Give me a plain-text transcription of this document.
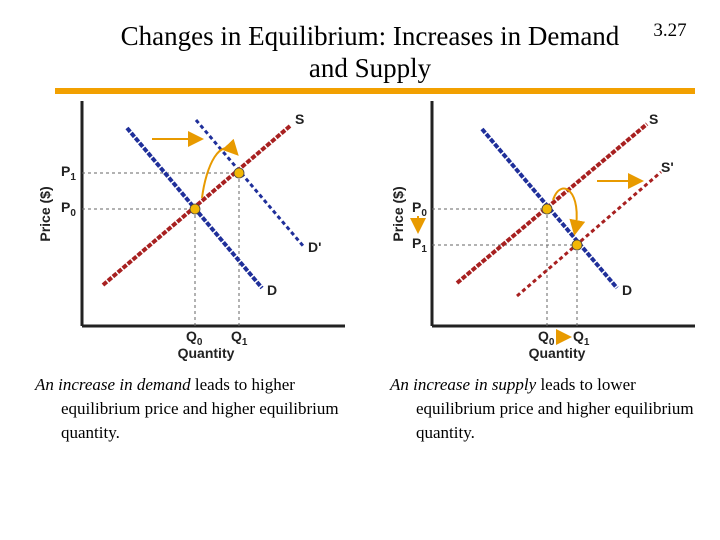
Changes in Equilibrium: Increases in Demand and Supply
3.27
S
D'
D
$P_1$
$P_0$
$Q_0$ $Q_1$
Quantity
Price ($)
S
S'
D
$P_0$
$P_1$
$Q_0$ $Q_1$
Quantity
Price ($)
An increase in demand leads to higher equilibrium price and higher equilibrium quantity.
An increase in supply leads to lower equilibrium price and higher equilibrium quantity.
